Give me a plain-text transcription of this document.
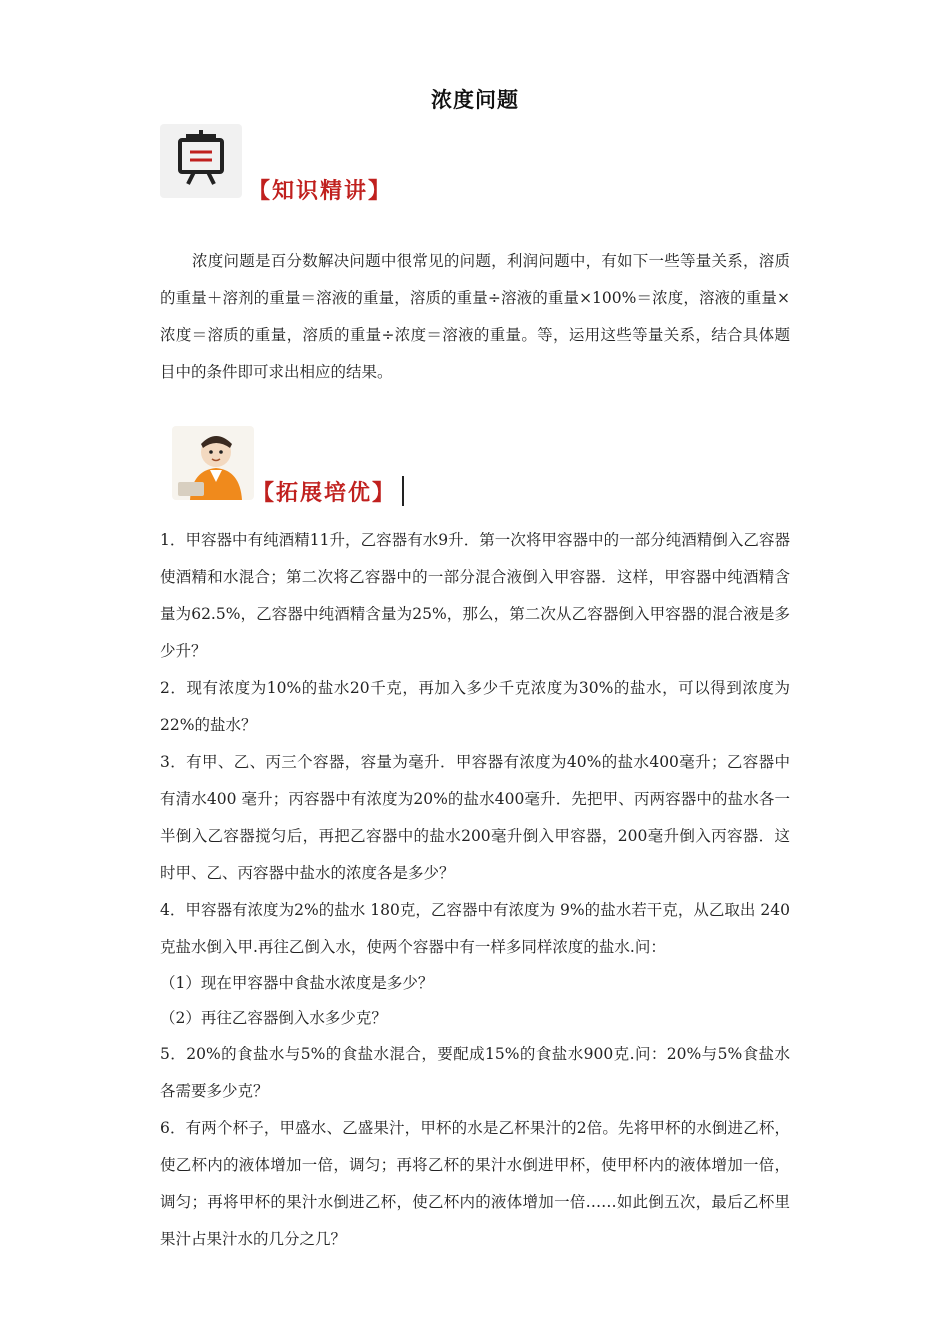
浓度问题
【知识精讲】

浓度问题是百分数解决问题中很常见的问题，利润问题中，有如下一些等量关系，溶质的重量＋溶剂的重量＝溶液的重量，溶质的重量÷溶液的重量×100%＝浓度，溶液的重量×浓度＝溶质的重量，溶质的重量÷浓度＝溶液的重量。等，运用这些等量关系，结合具体题目中的条件即可求出相应的结果。

【拓展培优】

1．甲容器中有纯酒精11升，乙容器有水9升．第一次将甲容器中的一部分纯酒精倒入乙容器使酒精和水混合；第二次将乙容器中的一部分混合液倒入甲容器．这样，甲容器中纯酒精含量为62.5%，乙容器中纯酒精含量为25%，那么，第二次从乙容器倒入甲容器的混合液是多少升？

2．现有浓度为10%的盐水20千克，再加入多少千克浓度为30%的盐水，可以得到浓度为22%的盐水？

3．有甲、乙、丙三个容器，容量为毫升．甲容器有浓度为40%的盐水400毫升；乙容器中有清水400 毫升；丙容器中有浓度为20%的盐水400毫升．先把甲、丙两容器中的盐水各一半倒入乙容器搅匀后，再把乙容器中的盐水200毫升倒入甲容器，200毫升倒入丙容器．这时甲、乙、丙容器中盐水的浓度各是多少？

4．甲容器有浓度为2%的盐水 180克，乙容器中有浓度为 9%的盐水若干克，从乙取出 240克盐水倒入甲.再往乙倒入水，使两个容器中有一样多同样浓度的盐水.问：

（1）现在甲容器中食盐水浓度是多少？

（2）再往乙容器倒入水多少克？

5．20%的食盐水与5%的食盐水混合，要配成15%的食盐水900克.问：20%与5%食盐水各需要多少克？

6．有两个杯子，甲盛水、乙盛果汁，甲杯的水是乙杯果汁的2倍。先将甲杯的水倒进乙杯，使乙杯内的液体增加一倍，调匀；再将乙杯的果汁水倒进甲杯，使甲杯内的液体增加一倍，调匀；再将甲杯的果汁水倒进乙杯，使乙杯内的液体增加一倍……如此倒五次，最后乙杯里果汁占果汁水的几分之几？
